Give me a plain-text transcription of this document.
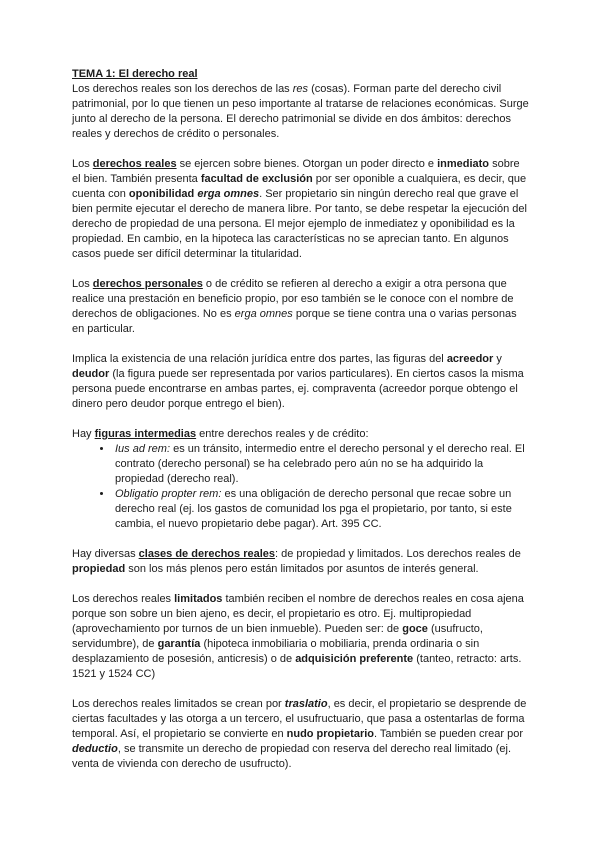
TEMA 1: El derecho real

Los derechos reales son los derechos de las res (cosas). Forman parte del derecho civil patrimonial, por lo que tienen un peso importante al tratarse de relaciones económicas. Surge junto al derecho de la persona. El derecho patrimonial se divide en dos ámbitos: derechos reales y derechos de crédito o personales.

Los derechos reales se ejercen sobre bienes. Otorgan un poder directo e inmediato sobre el bien. También presenta facultad de exclusión por ser oponible a cualquiera, es decir, que cuenta con oponibilidad erga omnes. Ser propietario sin ningún derecho real que grave el bien permite ejecutar el derecho de manera libre. Por tanto, se debe respetar la ejecución del derecho de propiedad de una persona. El mejor ejemplo de inmediatez y oponibilidad es la propiedad. En cambio, en la hipoteca las características no se aprecian tanto. En algunos casos puede ser difícil determinar la titularidad.

Los derechos personales o de crédito se refieren al derecho a exigir a otra persona que realice una prestación en beneficio propio, por eso también se le conoce con el nombre de derechos de obligaciones. No es erga omnes porque se tiene contra una o varias personas en particular.

Implica la existencia de una relación jurídica entre dos partes, las figuras del acreedor y deudor (la figura puede ser representada por varios particulares). En ciertos casos la misma persona puede encontrarse en ambas partes, ej. compraventa (acreedor porque obtengo el dinero pero deudor porque entrego el bien).

Hay figuras intermedias entre derechos reales y de crédito:

• Ius ad rem: es un tránsito, intermedio entre el derecho personal y el derecho real. El contrato (derecho personal) se ha celebrado pero aún no se ha adquirido la propiedad (derecho real).
• Obligatio propter rem: es una obligación de derecho personal que recae sobre un derecho real (ej. los gastos de comunidad los pga el propietario, por tanto, si este cambia, el nuevo propietario debe pagar). Art. 395 CC.

Hay diversas clases de derechos reales: de propiedad y limitados. Los derechos reales de propiedad son los más plenos pero están limitados por asuntos de interés general.

Los derechos reales limitados también reciben el nombre de derechos reales en cosa ajena porque son sobre un bien ajeno, es decir, el propietario es otro. Ej. multipropiedad (aprovechamiento por turnos de un bien inmueble). Pueden ser: de goce (usufructo, servidumbre), de garantía (hipoteca inmobiliaria o mobiliaria, prenda ordinaria o sin desplazamiento de posesión, anticresis) o de adquisición preferente (tanteo, retracto: arts. 1521 y 1524 CC)

Los derechos reales limitados se crean por traslatio, es decir, el propietario se desprende de ciertas facultades y las otorga a un tercero, el usufructuario, que pasa a ostentarlas de forma temporal. Así, el propietario se convierte en nudo propietario. También se pueden crear por deductio, se transmite un derecho de propiedad con reserva del derecho real limitado (ej. venta de vivienda con derecho de usufructo).
